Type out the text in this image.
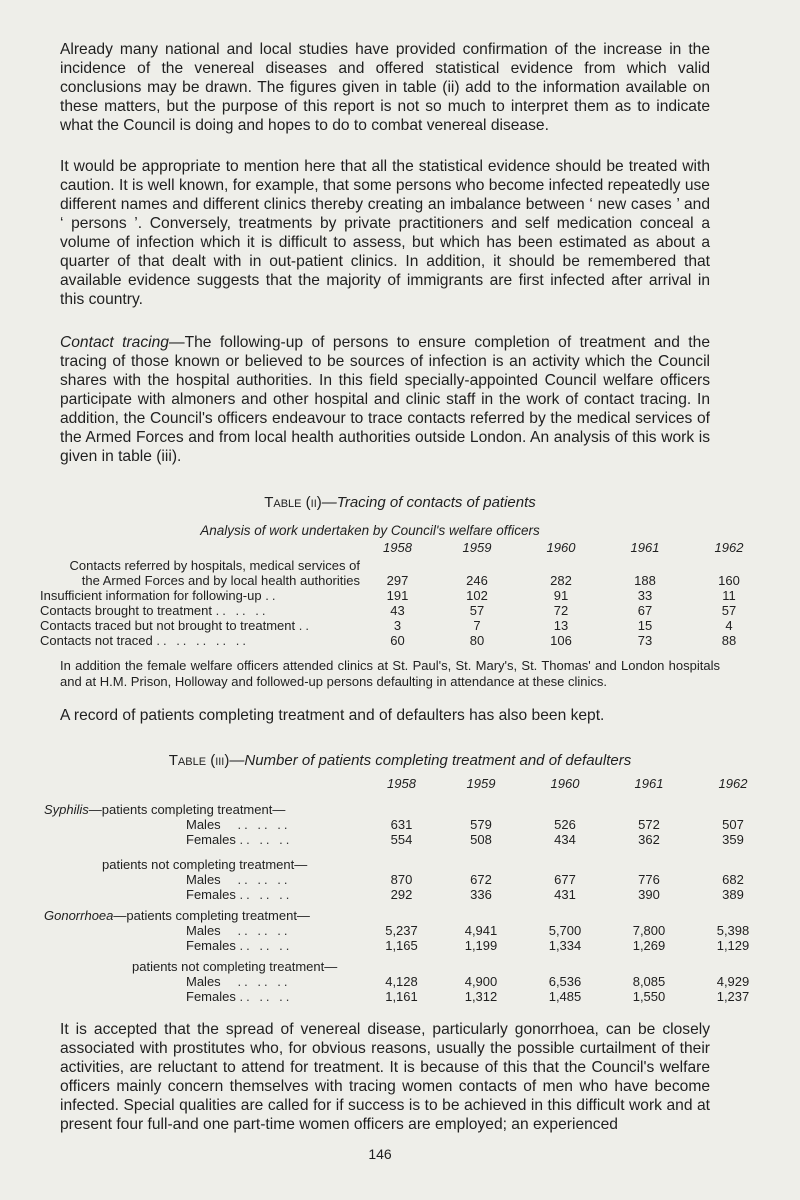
Already many national and local studies have provided confirmation of the increase in the incidence of the venereal diseases and offered statistical evidence from which valid conclusions may be drawn. The figures given in table (ii) add to the information available on these matters, but the purpose of this report is not so much to interpret them as to indicate what the Council is doing and hopes to do to combat venereal disease.

It would be appropriate to mention here that all the statistical evidence should be treated with caution. It is well known, for example, that some persons who become infected repeatedly use different names and different clinics thereby creating an imbalance between ‘ new cases ’ and ‘ persons ’. Conversely, treatments by private practitioners and self medication conceal a volume of infection which it is difficult to assess, but which has been estimated as about a quarter of that dealt with in out-patient clinics. In addition, it should be remembered that available evidence suggests that the majority of immigrants are first infected after arrival in this country.

Contact tracing—The following-up of persons to ensure completion of treatment and the tracing of those known or believed to be sources of infection is an activity which the Council shares with the hospital authorities. In this field specially-appointed Council welfare officers participate with almoners and other hospital and clinic staff in the work of contact tracing. In addition, the Council's officers endeavour to trace contacts referred by the medical services of the Armed Forces and from local health authorities outside London. An analysis of this work is given in table (iii).

Table (ii)—Tracing of contacts of patients

Analysis of work undertaken by Council's welfare officers

	1958	1959	1960	1961	1962
Contacts referred by hospitals, medical services of					
the Armed Forces and by local health authorities	297	246	282	188	160
Insufficient information for following-up ..	191	102	91	33	11
Contacts brought to treatment .. .. ..	43	57	72	67	57
Contacts traced but not brought to treatment ..	3	7	13	15	4
Contacts not traced .. .. .. .. ..	60	80	106	73	88

In addition the female welfare officers attended clinics at St. Paul's, St. Mary's, St. Thomas' and London hospitals and at H.M. Prison, Holloway and followed-up persons defaulting in attendance at these clinics.

A record of patients completing treatment and of defaulters has also been kept.

Table (iii)—Number of patients completing treatment and of defaulters

	1958	1959	1960	1961	1962

Syphilis—patients completing treatment—					
Males   .. .. ..	631	579	526	572	507
Females .. .. ..	554	508	434	362	359

patients not completing treatment—					
Males   .. .. ..	870	672	677	776	682
Females .. .. ..	292	336	431	390	389

Gonorrhoea—patients completing treatment—					
Males   .. .. ..	5,237	4,941	5,700	7,800	5,398
Females .. .. ..	1,165	1,199	1,334	1,269	1,129

patients not completing treatment—					
Males   .. .. ..	4,128	4,900	6,536	8,085	4,929
Females .. .. ..	1,161	1,312	1,485	1,550	1,237

It is accepted that the spread of venereal disease, particularly gonorrhoea, can be closely associated with prostitutes who, for obvious reasons, usually the possible curtailment of their activities, are reluctant to attend for treatment. It is because of this that the Council's welfare officers mainly concern themselves with tracing women contacts of men who have become infected. Special qualities are called for if success is to be achieved in this difficult work and at present four full-and one part-time women officers are employed; an experienced

146
